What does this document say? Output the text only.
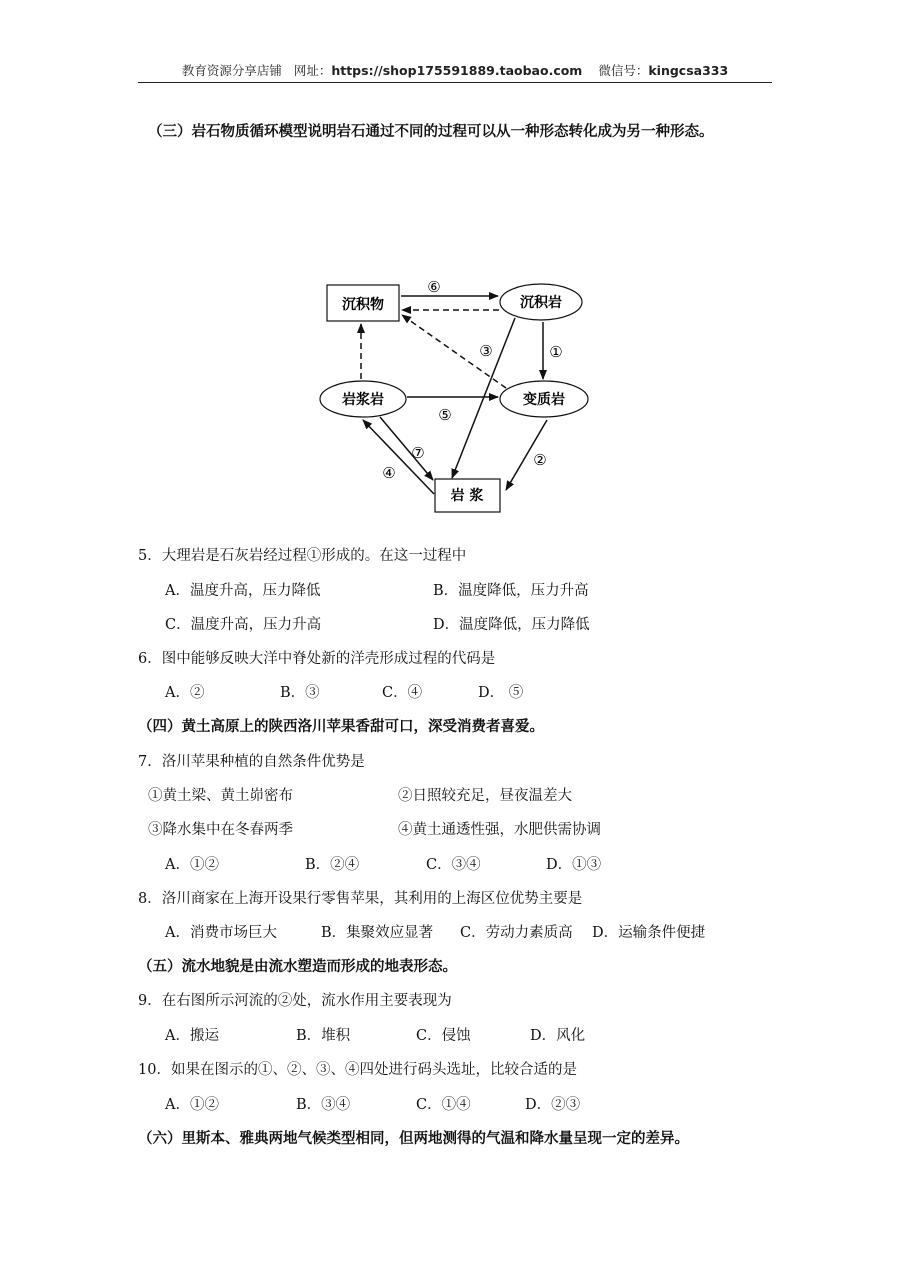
教育资源分享店铺 网址：https://shop175591889.taobao.com 微信号：kingcsa333
（三）岩石物质循环模型说明岩石通过不同的过程可以从一种形态转化成为另一种形态。
沉积物	沉积岩
岩浆岩	变质岩
岩 浆
⑥
①
③
⑤
②
⑦
④
5．大理岩是石灰岩经过程①形成的。在这一过程中
A．温度升高，压力降低	B．温度降低，压力升高
C．温度升高，压力升高	D．温度降低，压力降低
6．图中能够反映大洋中脊处新的洋壳形成过程的代码是
A．②	B．③	C．④	D． ⑤
（四）黄土高原上的陕西洛川苹果香甜可口，深受消费者喜爱。
7．洛川苹果种植的自然条件优势是
①黄土梁、黄土峁密布	②日照较充足，昼夜温差大
③降水集中在冬春两季	④黄土通透性强，水肥供需协调
A．①②	B．②④	C．③④	D．①③
8．洛川商家在上海开设果行零售苹果，其利用的上海区位优势主要是
A．消费市场巨大	B．集聚效应显著 C．劳动力素质高 D．运输条件便捷
（五）流水地貌是由流水塑造而形成的地表形态。
9．在右图所示河流的②处，流水作用主要表现为
A．搬运	B．堆积	C．侵蚀	D．风化
10．如果在图示的①、②、③、④四处进行码头选址，比较合适的是
A．①②	B．③④	C．①④	D．②③
（六）里斯本、雅典两地气候类型相同，但两地测得的气温和降水量呈现一定的差异。
